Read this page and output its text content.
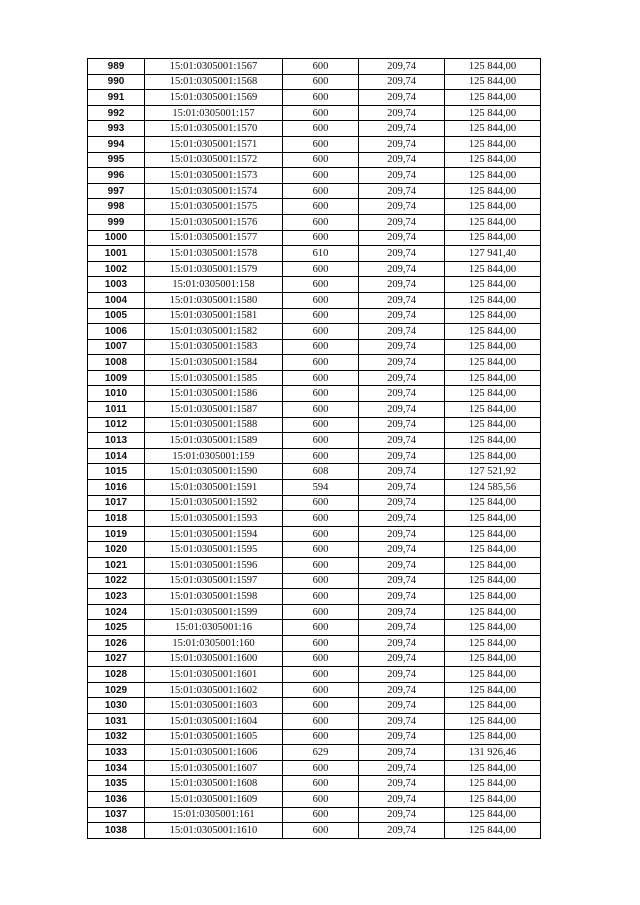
989	15:01:0305001:1567	600	209,74	125 844,00
990	15:01:0305001:1568	600	209,74	125 844,00
991	15:01:0305001:1569	600	209,74	125 844,00
992	15:01:0305001:157	600	209,74	125 844,00
993	15:01:0305001:1570	600	209,74	125 844,00
994	15:01:0305001:1571	600	209,74	125 844,00
995	15:01:0305001:1572	600	209,74	125 844,00
996	15:01:0305001:1573	600	209,74	125 844,00
997	15:01:0305001:1574	600	209,74	125 844,00
998	15:01:0305001:1575	600	209,74	125 844,00
999	15:01:0305001:1576	600	209,74	125 844,00
1000	15:01:0305001:1577	600	209,74	125 844,00
1001	15:01:0305001:1578	610	209,74	127 941,40
1002	15:01:0305001:1579	600	209,74	125 844,00
1003	15:01:0305001:158	600	209,74	125 844,00
1004	15:01:0305001:1580	600	209,74	125 844,00
1005	15:01:0305001:1581	600	209,74	125 844,00
1006	15:01:0305001:1582	600	209,74	125 844,00
1007	15:01:0305001:1583	600	209,74	125 844,00
1008	15:01:0305001:1584	600	209,74	125 844,00
1009	15:01:0305001:1585	600	209,74	125 844,00
1010	15:01:0305001:1586	600	209,74	125 844,00
1011	15:01:0305001:1587	600	209,74	125 844,00
1012	15:01:0305001:1588	600	209,74	125 844,00
1013	15:01:0305001:1589	600	209,74	125 844,00
1014	15:01:0305001:159	600	209,74	125 844,00
1015	15:01:0305001:1590	608	209,74	127 521,92
1016	15:01:0305001:1591	594	209,74	124 585,56
1017	15:01:0305001:1592	600	209,74	125 844,00
1018	15:01:0305001:1593	600	209,74	125 844,00
1019	15:01:0305001:1594	600	209,74	125 844,00
1020	15:01:0305001:1595	600	209,74	125 844,00
1021	15:01:0305001:1596	600	209,74	125 844,00
1022	15:01:0305001:1597	600	209,74	125 844,00
1023	15:01:0305001:1598	600	209,74	125 844,00
1024	15:01:0305001:1599	600	209,74	125 844,00
1025	15:01:0305001:16	600	209,74	125 844,00
1026	15:01:0305001:160	600	209,74	125 844,00
1027	15:01:0305001:1600	600	209,74	125 844,00
1028	15:01:0305001:1601	600	209,74	125 844,00
1029	15:01:0305001:1602	600	209,74	125 844,00
1030	15:01:0305001:1603	600	209,74	125 844,00
1031	15:01:0305001:1604	600	209,74	125 844,00
1032	15:01:0305001:1605	600	209,74	125 844,00
1033	15:01:0305001:1606	629	209,74	131 926,46
1034	15:01:0305001:1607	600	209,74	125 844,00
1035	15:01:0305001:1608	600	209,74	125 844,00
1036	15:01:0305001:1609	600	209,74	125 844,00
1037	15:01:0305001:161	600	209,74	125 844,00
1038	15:01:0305001:1610	600	209,74	125 844,00
